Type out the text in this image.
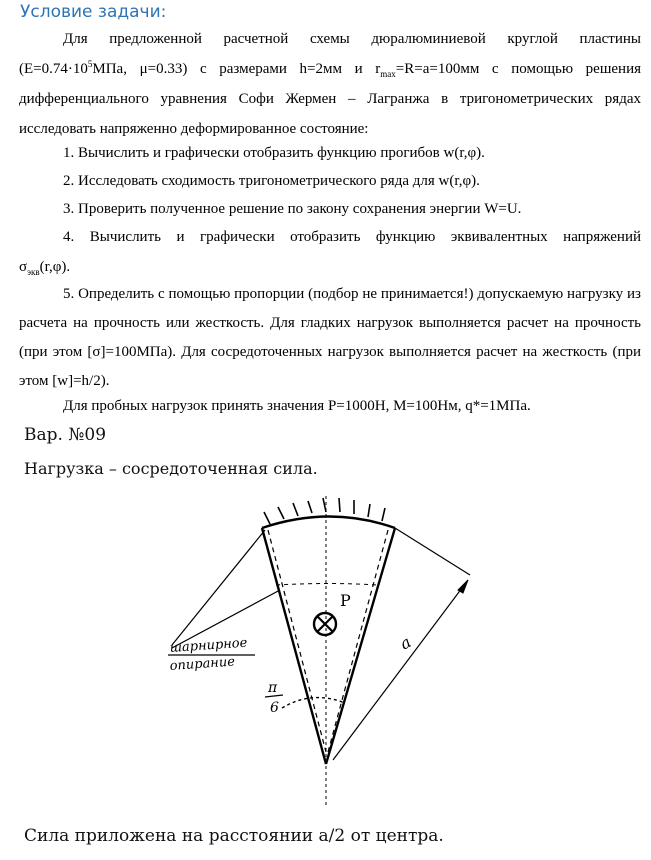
Условие задачи:
Для предложенной расчетной схемы дюралюминиевой круглой пластины ($E=0.74\cdot 10^5МПа$, μ=0.33) с размерами h=2мм и $r_{max}=R=a=100мм$ с помощью решения дифференциального уравнения Софи Жермен – Лагранжа в тригонометрических рядах исследовать напряженно деформированное состояние:
1. Вычислить и графически отобразить функцию прогибов w(r,φ).
2. Исследовать сходимость тригонометрического ряда для w(r,φ).
3. Проверить полученное решение по закону сохранения энергии W=U.
4. Вычислить и графически отобразить функцию эквивалентных напряжений
$\sigma_{экв}(r,\varphi)$.
5. Определить с помощью пропорции (подбор не принимается!) допускаемую нагрузку из расчета на прочность или жесткость. Для гладких нагрузок выполняется расчет на прочность (при этом [σ]=100МПа). Для сосредоточенных нагрузок выполняется расчет на жесткость (при этом [w]=h/2).
Для пробных нагрузок принять значения P=1000Н, M=100Нм, q*=1МПа.
Вар. №09
Нагрузка – сосредоточенная сила.
шарнирное
опирание
P
a
π
6
Сила приложена на расстоянии а/2 от центра.
